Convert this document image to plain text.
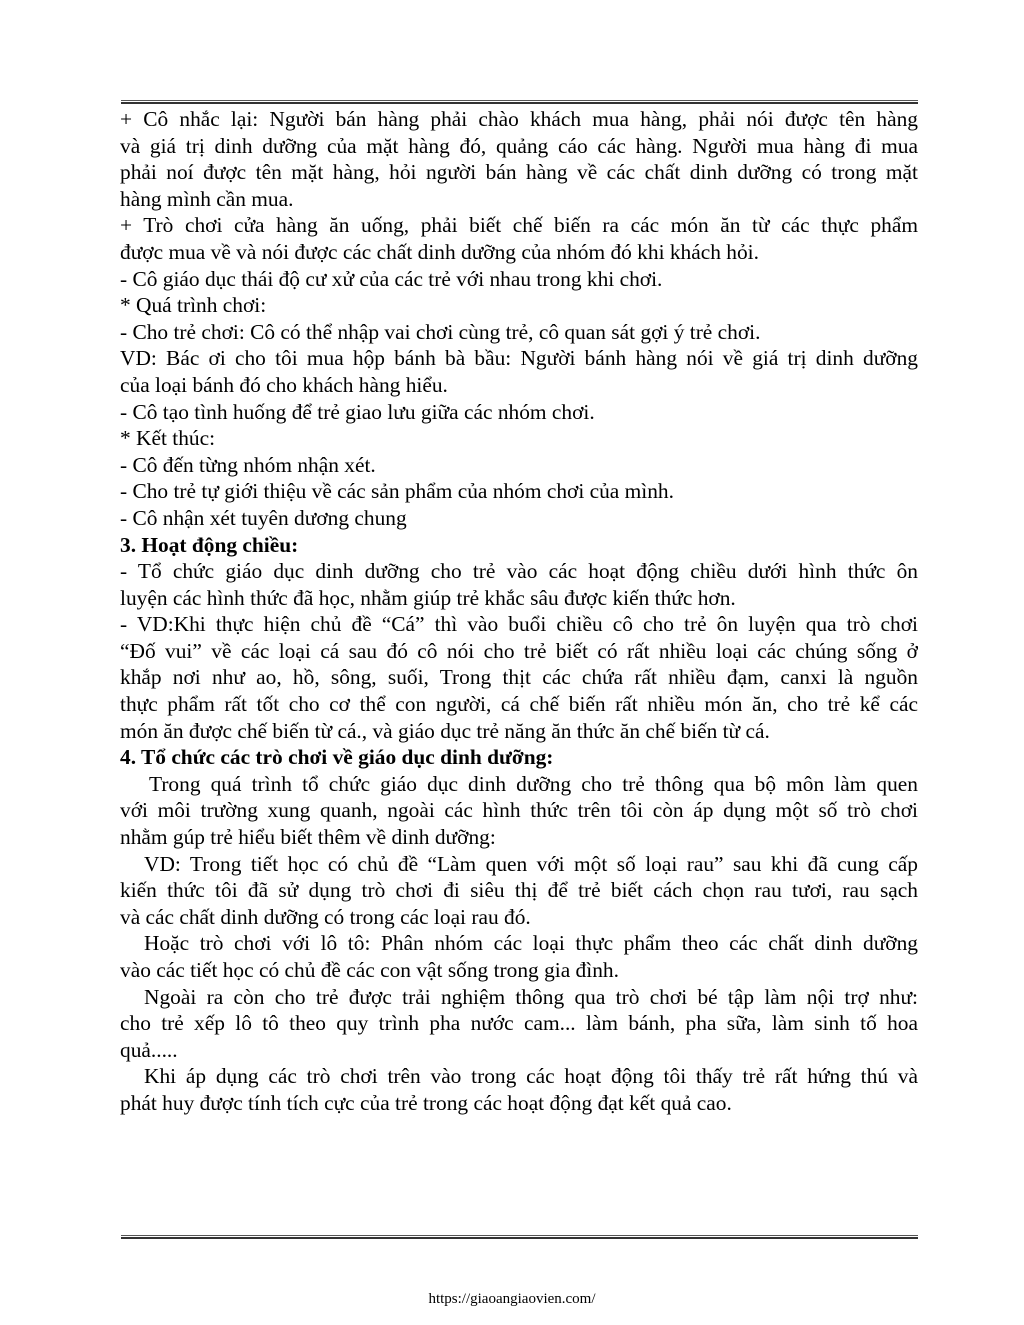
+ Cô nhắc lại: Người bán hàng phải chào khách mua hàng, phải nói được tên hàng
và giá trị dinh dưỡng của mặt hàng đó, quảng cáo các hàng. Người mua hàng đi mua
phải noí được tên mặt hàng, hỏi người bán hàng về các chất dinh dưỡng có trong mặt
hàng mình cần mua.
+ Trò chơi cửa hàng ăn uống, phải biết chế biến ra các món ăn từ các thực phẩm
được mua về và nói được các chất dinh dưỡng của nhóm đó khi khách hỏi.
- Cô giáo dục thái độ cư xử của các trẻ với nhau trong khi chơi.
* Quá trình chơi:
- Cho trẻ chơi: Cô có thể nhập vai chơi cùng trẻ, cô quan sát gợi ý trẻ chơi.
VD: Bác ơi cho tôi mua hộp bánh bà bầu: Người bánh hàng nói về giá trị dinh dưỡng
của loại bánh đó cho khách hàng hiểu.
- Cô tạo tình huống để trẻ giao lưu giữa các nhóm chơi.
* Kết thúc:
- Cô đến từng nhóm nhận xét.
- Cho trẻ tự giới thiệu về các sản phẩm của nhóm chơi của mình.
- Cô nhận xét tuyên dương chung
3. Hoạt động chiều:
- Tổ chức giáo dục dinh dưỡng cho trẻ vào các hoạt động chiều dưới hình thức ôn
luyện các hình thức đã học, nhằm giúp trẻ khắc sâu được kiến thức hơn.
- VD:Khi thực hiện chủ đề “Cá” thì vào buổi chiều cô cho trẻ ôn luyện qua trò chơi
“Đố vui” về các loại cá sau đó cô nói cho trẻ biết có rất nhiều loại các chúng sống ở
khắp nơi như ao, hồ, sông, suối, Trong thịt các chứa rất nhiều đạm, canxi là nguồn
thực phẩm rất tốt cho cơ thể con người, cá chế biến rất nhiều món ăn, cho trẻ kể các
món ăn được chế biến từ cá., và giáo dục trẻ năng ăn thức ăn chế biến từ cá.
4. Tổ chức các trò chơi về giáo dục dinh dưỡng:
Trong quá trình tổ chức giáo dục dinh dưỡng cho trẻ thông qua bộ môn làm quen
với môi trường xung quanh, ngoài các hình thức trên tôi còn áp dụng một số trò chơi
nhằm gúp trẻ hiểu biết thêm về dinh dưỡng:
VD: Trong tiết học có chủ đề “Làm quen với một số loại rau” sau khi đã cung cấp
kiến thức tôi đã sử dụng trò chơi đi siêu thị để trẻ biết cách chọn rau tươi, rau sạch
và các chất dinh dưỡng có trong các loại rau đó.
Hoặc trò chơi với lô tô: Phân nhóm các loại thực phẩm theo các chất dinh dưỡng
vào các tiết học có chủ đề các con vật sống trong gia đình.
Ngoài ra còn cho trẻ được trải nghiệm thông qua trò chơi bé tập làm nội trợ như:
cho trẻ xếp lô tô theo quy trình pha nước cam... làm bánh, pha sữa, làm sinh tố hoa
quả.....
Khi áp dụng các trò chơi trên vào trong các hoạt động tôi thấy trẻ rất hứng thú và
phát huy được tính tích cực của trẻ trong các hoạt động đạt kết quả cao.
https://giaoangiaovien.com/
